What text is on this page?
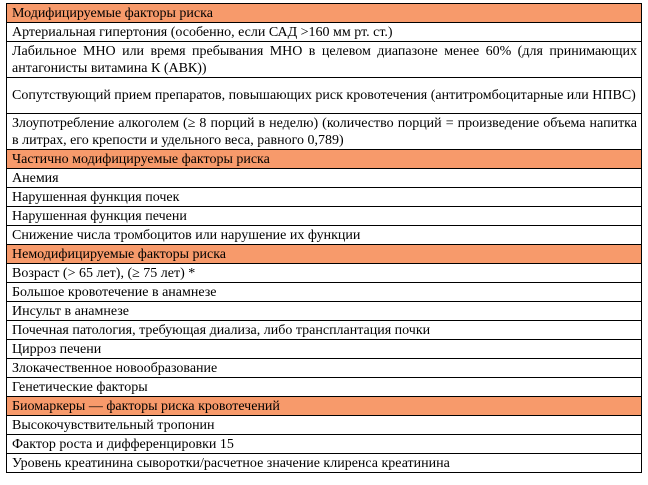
Модифицируемые факторы риска
Артериальная гипертония (особенно, если САД >160 мм рт. ст.)
Лабильное МНО или время пребывания МНО в целевом диапазоне менее 60% (для принимающих антагонисты витамина К (АВК))
Сопутствующий прием препаратов, повышающих риск кровотечения (антитромбоцитарные или НПВС)
Злоупотребление алкоголем (≥ 8 порций в неделю) (количество порций = произведение объема напитка в литрах, его крепости и удельного веса, равного 0,789)
Частично модифицируемые факторы риска
Анемия
Нарушенная функция почек
Нарушенная функция печени
Снижение числа тромбоцитов или нарушение их функции
Немодифицируемые факторы риска
Возраст (> 65 лет), (≥ 75 лет) *
Большое кровотечение в анамнезе
Инсульт в анамнезе
Почечная патология, требующая диализа, либо трансплантация почки
Цирроз печени
Злокачественное новообразование
Генетические факторы
Биомаркеры — факторы риска кровотечений
Высокочувствительный тропонин
Фактор роста и дифференцировки 15
Уровень креатинина сыворотки/расчетное значение клиренса креатинина
